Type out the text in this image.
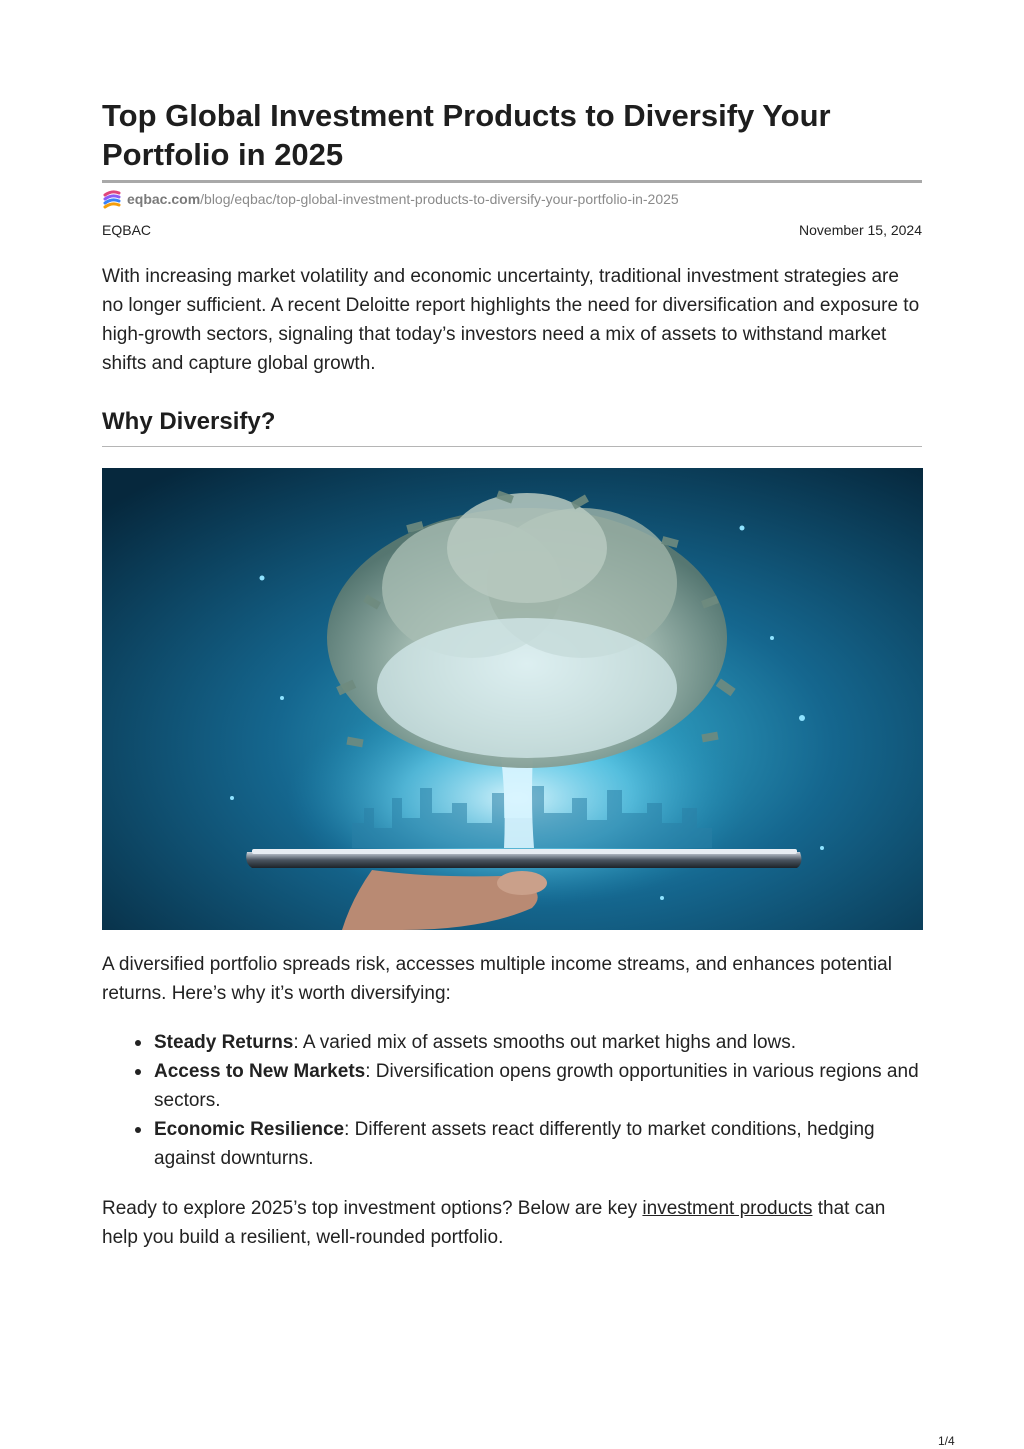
Top Global Investment Products to Diversify Your Portfolio in 2025
eqbac.com /blog/eqbac/top-global-investment-products-to-diversify-your-portfolio-in-2025
EQBAC	November 15, 2024

With increasing market volatility and economic uncertainty, traditional investment strategies are no longer sufficient. A recent Deloitte report highlights the need for diversification and exposure to high-growth sectors, signaling that today’s investors need a mix of assets to withstand market shifts and capture global growth.

Why Diversify?

A diversified portfolio spreads risk, accesses multiple income streams, and enhances potential returns. Here’s why it’s worth diversifying:

Steady Returns: A varied mix of assets smooths out market highs and lows.
Access to New Markets: Diversification opens growth opportunities in various regions and sectors.
Economic Resilience: Different assets react differently to market conditions, hedging against downturns.

Ready to explore 2025’s top investment options? Below are key investment products that can help you build a resilient, well-rounded portfolio.

1/4
